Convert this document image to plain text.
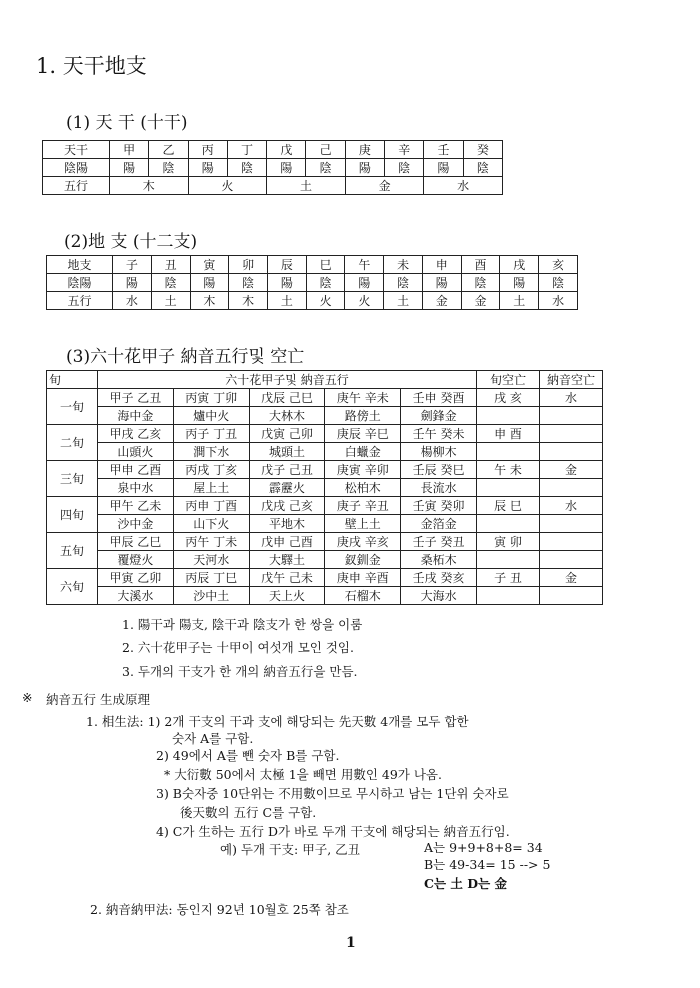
1. 天干地支
(1) 天 干 (十干)
天干	甲	乙	丙	丁	戊	己	庚	辛	壬	癸
陰陽	陽	陰	陽	陰	陽	陰	陽	陰	陽	陰
五行	木		火		土		金		水	
(2)地 支 (十二支)
地支	子	丑	寅	卯	辰	巳	午	未	申	酉	戌	亥
陰陽	陽	陰	陽	陰	陽	陰	陽	陰	陽	陰	陽	陰
五行	水	土	木	木	土	火	火	土	金	金	土	水
(3)六十花甲子 納音五行및 空亡
旬	六十花甲子및 納音五行					旬空亡	納音空亡
一旬	甲子 乙丑	丙寅 丁卯	戊辰 己巳	庚午 辛未	壬申 癸酉	戌 亥	水
	海中金	爐中火	大林木	路傍土	劍鋒金		
二旬	甲戌 乙亥	丙子 丁丑	戊寅 己卯	庚辰 辛巳	壬午 癸未	申 酉	
	山頭火	澗下水	城頭土	白蠟金	楊柳木		
三旬	甲申 乙酉	丙戌 丁亥	戊子 己丑	庚寅 辛卯	壬辰 癸巳	午 未	金
	泉中水	屋上土	霹靂火	松柏木	長流水		
四旬	甲午 乙未	丙申 丁酉	戊戌 己亥	庚子 辛丑	壬寅 癸卯	辰 巳	水
	沙中金	山下火	平地木	壁上土	金箔金		
五旬	甲辰 乙巳	丙午 丁未	戊申 己酉	庚戌 辛亥	壬子 癸丑	寅 卯	
	覆燈火	天河水	大驛土	釵釧金	桑柘木		
六旬	甲寅 乙卯	丙辰 丁巳	戊午 己未	庚申 辛酉	壬戌 癸亥	子 丑	金
	大溪水	沙中土	天上火	石榴木	大海水		
1. 陽干과 陽支, 陰干과 陰支가 한 쌍을 이룸
2. 六十花甲子는 十甲이 여섯개 모인 것임.
3. 두개의 干支가 한 개의 納音五行을 만듬.
※ 納音五行 生成原理
1. 相生法: 1) 2개 干支의 干과 支에 해당되는 先天數 4개를 모두 합한
숫자 A를 구함.
2) 49에서 A를 뺀 숫자 B를 구함.
* 大衍數 50에서 太極 1을 빼면 用數인 49가 나옴.
3) B숫자중 10단위는 不用數이므로 무시하고 남는 1단위 숫자로
後天數의 五行 C를 구함.
4) C가 生하는 五行 D가 바로 두개 干支에 해당되는 納音五行임.
예) 두개 干支: 甲子, 乙丑	A는 9+9+8+8= 34
B는 49-34= 15 --> 5
C는 土 D는 金
2. 納音納甲法: 동인지 92년 10월호 25쪽 참조
1
